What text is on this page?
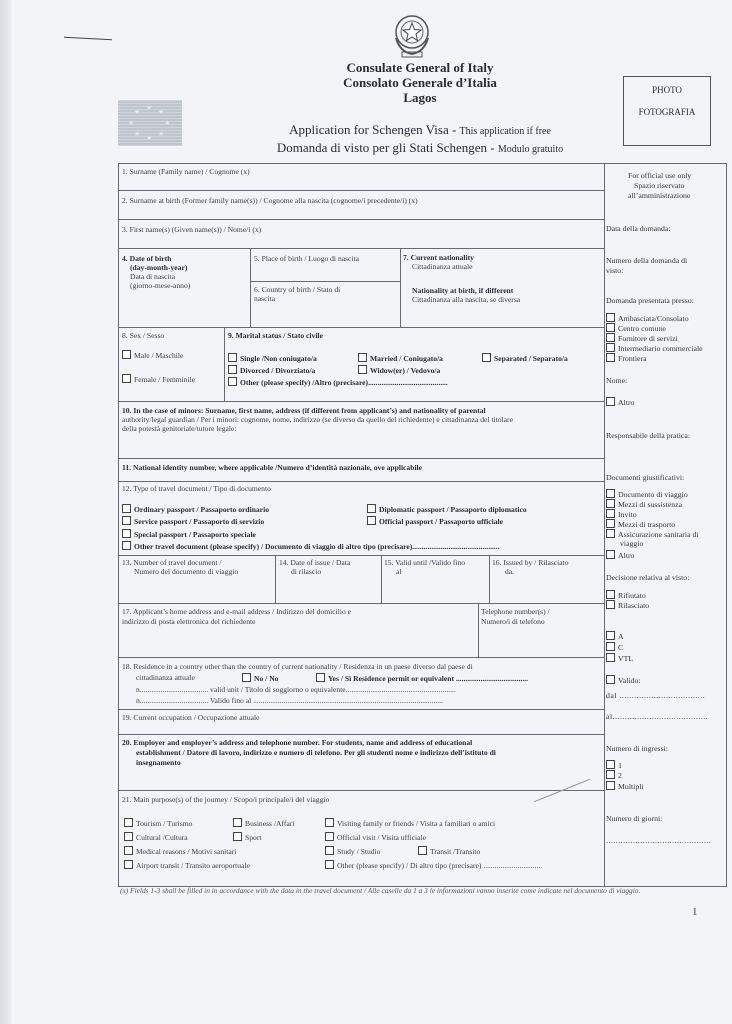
★ ★
★
★
★
★
★
★
Consulate General of Italy
Consolato Generale d’Italia
Lagos
Application for Schengen Visa - This application if free
Domanda di visto per gli Stati Schengen - Modulo gratuito
PHOTO
FOTOGRAFIA
1. Surname (Family name) / Cognome (x)
2. Surname at birth (Former family name(s)) / Cognome alla nascita (cognome/i precedente/i) (x)
3. First name(s) (Given name(s)) / Nome/i (x)
4. Date of birth
(day-month-year)
Data di nascita
(giorno-mese-anno)
5. Place of birth / Luogo di nascita
6. Country of birth / Stato di
nascita
7. Current nationality
Cittadinanza attuale
Nationality at birth, if different
Cittadinanza alla nascita, se diversa
8. Sex / Sesso
Male / Maschile
Female / Femminile
9. Marital status / Stato civile
Single /Non coniugato/a	Married / Coniugato/a	Separated / Separato/a
Divorced / Divorziato/a	Widow(er) / Vedovo/a
Other (please specify) /Altro (precisare)..........................................
10. In the case of minors: Surname, first name, address (if different from applicant’s) and nationality of parental
authority/legal guardian / Per i minori: cognome, nome, indirizzo (se diverso da quello del richiedente) e cittadinanza del titolare
della potestà genitoriale/tutore legale:
11. National identity number, where applicable /Numero d’identità nazionale, ove applicabile
12. Type of travel document / Tipo di documento
Ordinary passport / Passaporto ordinario	Diplomatic passport / Passaporto diplomatico
Service passport / Passaporto di servizio	Official passport / Passaporto ufficiale
Special passport / Passaporto speciale
Other travel document (please specify) / Documento di viaggio di altro tipo (precisare)..............................................
13. Number of travel document /
Numero del documento di viaggio
14. Date of issue / Data
di rilascio
15. Valid until /Valido fino
al
16. Issued by / Rilasciato
da.
17. Applicant’s home address and e-mail address / Indirizzo del domicilio e
indirizzo di posta elettronica del richiedente
Telephone number(s) /
Numero/i di telefono
18. Residence in a country other than the country of current nationality / Residenza in un paese diverso dal paese di
cittadinanza attuale	No / No	Yes / Sì Residence permit or equivalent ......................................
n.................................... valid unit / Titolo di soggiorno o equivalente..........................................................
n.................................... Valido fino al ....................................................................................................
19. Current occupation / Occupazione attuale
20. Employer and employer’s address and telephone number. For students, name and address of educational
establishment / Datore di lavoro, indirizzo e numero di telefono. Per gli studenti nome e indirizzo dell’istituto di
insegnamento
21. Main purpose(s) of the journey / Scopo/i principale/i del viaggio
Tourism / Turismo	Business /Affari	Visiting family or friends / Visita a familiari o amici
Cultural /Cultura	Sport	Official visit / Visita ufficiale
Medical reasons / Motivi sanitari	Study / Studio	Transit /Transito
Airport transit / Transito aeroportuale	Other (please specify) / Di altro tipo (precisare) ...............................
For official use only
Spazio riservato
all’amministrazione
Data della domanda:
Numero della domanda di
visto:
Domanda presentata presso:
Ambasciata/Consolato
Centro comune
Fornitore di servizi
Intermediario commerciale
Frontiera
Nome:
Altro
Responsabile della pratica:
Documenti giustificativi:
Documento di viaggio
Mezzi di sussistenza
Invito
Mezzi di trasporto
Assicurazione sanitaria di
viaggio
Altro
Decisione relativa al visto:
Rifiutato
Rilasciato
A
C
VTL
Valido:
dal ...................................
al.......................................
Numero di ingressi:
1
2
Multipli
Numero di giorni:
...........................................
(x) Fields 1-3 shall be filled in in accordance with the data in the travel document / Alle caselle da 1 a 3 le informazioni vanno inserite come indicate nel documento di viaggio.
1
